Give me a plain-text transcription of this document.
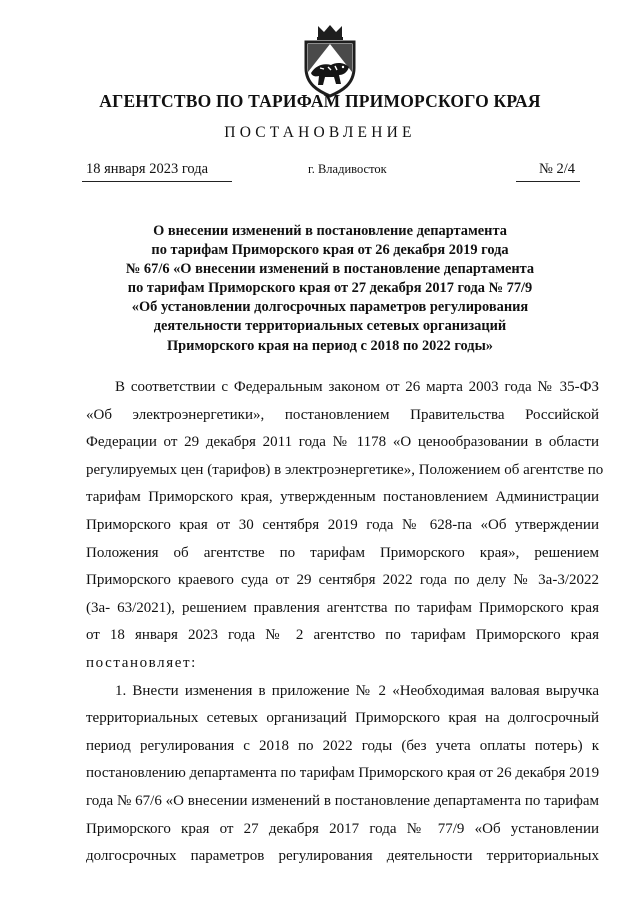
АГЕНТСТВО ПО ТАРИФАМ ПРИМОРСКОГО КРАЯ
ПОСТАНОВЛЕНИЕ
18 января 2023 года	г. Владивосток	№ 2/4
О внесении изменений в постановление департамента
по тарифам Приморского края от 26 декабря 2019 года
№ 67/6 «О внесении изменений в постановление департамента
по тарифам Приморского края от 27 декабря 2017 года № 77/9
«Об установлении долгосрочных параметров регулирования
деятельности территориальных сетевых организаций
Приморского края на период с 2018 по 2022 годы»
В соответствии с Федеральным законом от 26 марта 2003 года № 35-ФЗ
«Об электроэнергетики», постановлением Правительства Российской
Федерации от 29 декабря 2011 года № 1178 «О ценообразовании в области
регулируемых цен (тарифов) в электроэнергетике», Положением об агентстве по
тарифам Приморского края, утвержденным постановлением Администрации
Приморского края от 30 сентября 2019 года № 628-па «Об утверждении
Положения об агентстве по тарифам Приморского края», решением
Приморского краевого суда от 29 сентября 2022 года по делу № 3а-3/2022
(3а- 63/2021), решением правления агентства по тарифам Приморского края
от 18 января 2023 года № 2 агентство по тарифам Приморского края
постановляет:
1. Внести изменения в приложение № 2 «Необходимая валовая выручка
территориальных сетевых организаций Приморского края на долгосрочный
период регулирования с 2018 по 2022 годы (без учета оплаты потерь) к
постановлению департамента по тарифам Приморского края от 26 декабря 2019
года № 67/6 «О внесении изменений в постановление департамента по тарифам
Приморского края от 27 декабря 2017 года № 77/9 «Об установлении
долгосрочных параметров регулирования деятельности территориальных
